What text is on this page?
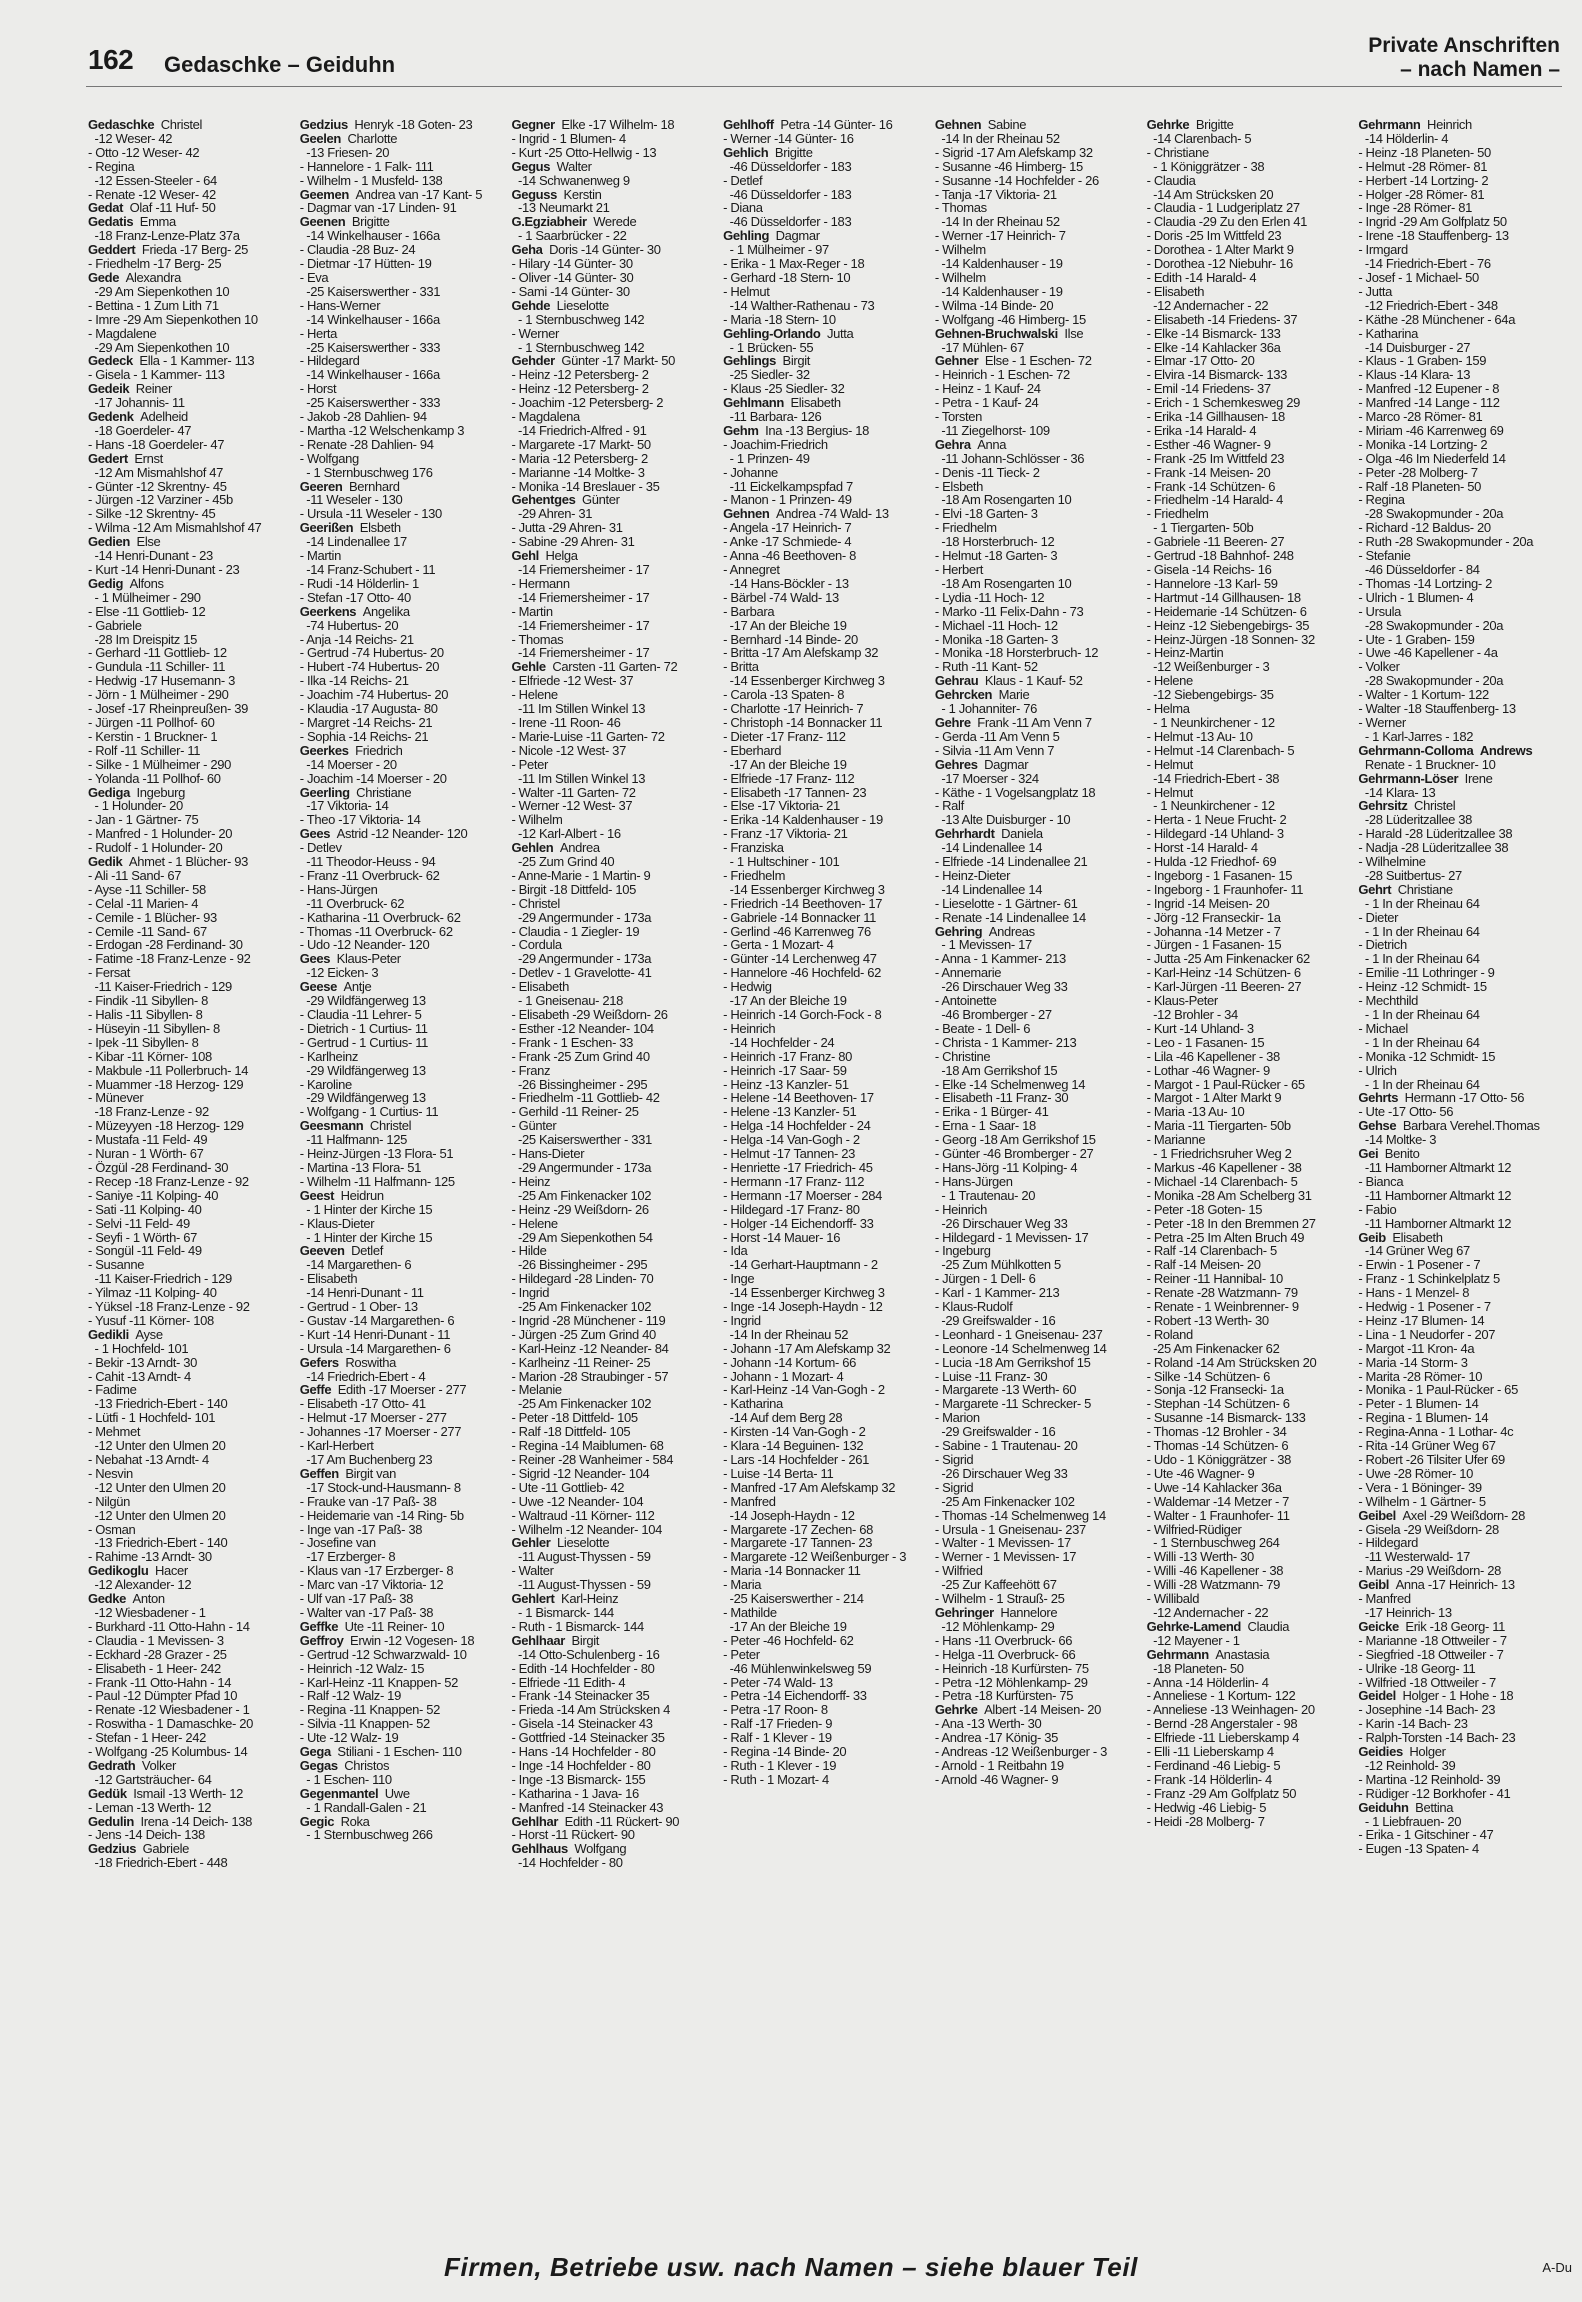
162 Gedaschke – Geiduhn
Private Anschriften
– nach Namen –
Gedaschke  Christel
-12 Weser- 42
- Otto -12 Weser- 42
- Regina
-12 Essen-Steeler - 64
- Renate -12 Weser- 42
Gedat  Olaf -11 Huf- 50
Gedatis  Emma
-18 Franz-Lenze-Platz 37a
Geddert  Frieda -17 Berg- 25
- Friedhelm -17 Berg- 25
Gede  Alexandra
-29 Am Siepenkothen 10
- Bettina - 1 Zum Lith 71
- Imre -29 Am Siepenkothen 10
- Magdalene
-29 Am Siepenkothen 10
Gedeck  Ella - 1 Kammer- 113
- Gisela - 1 Kammer- 113
Gedeik  Reiner
-17 Johannis- 11
Gedenk  Adelheid
-18 Goerdeler- 47
- Hans -18 Goerdeler- 47
Gedert  Ernst
-12 Am Mismahlshof 47
- Günter -12 Skrentny- 45
- Jürgen -12 Varziner - 45b
- Silke -12 Skrentny- 45
- Wilma -12 Am Mismahlshof 47
Gedien  Else
-14 Henri-Dunant - 23
- Kurt -14 Henri-Dunant - 23
Gedig  Alfons
- 1 Mülheimer - 290
- Else -11 Gottlieb- 12
- Gabriele
-28 Im Dreispitz 15
- Gerhard -11 Gottlieb- 12
- Gundula -11 Schiller- 11
- Hedwig -17 Husemann- 3
- Jörn - 1 Mülheimer - 290
- Josef -17 Rheinpreußen- 39
- Jürgen -11 Pollhof- 60
- Kerstin - 1 Bruckner- 1
- Rolf -11 Schiller- 11
- Silke - 1 Mülheimer - 290
- Yolanda -11 Pollhof- 60
Gediga  Ingeburg
- 1 Holunder- 20
- Jan - 1 Gärtner- 75
- Manfred - 1 Holunder- 20
- Rudolf - 1 Holunder- 20
Gedik  Ahmet - 1 Blücher- 93
- Ali -11 Sand- 67
- Ayse -11 Schiller- 58
- Celal -11 Marien- 4
- Cemile - 1 Blücher- 93
- Cemile -11 Sand- 67
- Erdogan -28 Ferdinand- 30
- Fatime -18 Franz-Lenze - 92
- Fersat
-11 Kaiser-Friedrich - 129
- Findik -11 Sibyllen- 8
- Halis -11 Sibyllen- 8
- Hüseyin -11 Sibyllen- 8
- Ipek -11 Sibyllen- 8
- Kibar -11 Körner- 108
- Makbule -11 Pollerbruch- 14
- Muammer -18 Herzog- 129
- Münever
-18 Franz-Lenze - 92
- Müzeyyen -18 Herzog- 129
- Mustafa -11 Feld- 49
- Nuran - 1 Wörth- 67
- Özgül -28 Ferdinand- 30
- Recep -18 Franz-Lenze - 92
- Saniye -11 Kolping- 40
- Sati -11 Kolping- 40
- Selvi -11 Feld- 49
- Seyfi - 1 Wörth- 67
- Songül -11 Feld- 49
- Susanne
-11 Kaiser-Friedrich - 129
- Yilmaz -11 Kolping- 40
- Yüksel -18 Franz-Lenze - 92
- Yusuf -11 Körner- 108
Gedikli  Ayse
- 1 Hochfeld- 101
- Bekir -13 Arndt- 30
- Cahit -13 Arndt- 4
- Fadime
-13 Friedrich-Ebert - 140
- Lütfi - 1 Hochfeld- 101
- Mehmet
-12 Unter den Ulmen 20
- Nebahat -13 Arndt- 4
- Nesvin
-12 Unter den Ulmen 20
- Nilgün
-12 Unter den Ulmen 20
- Osman
-13 Friedrich-Ebert - 140
- Rahime -13 Arndt- 30
Gedikoglu  Hacer
-12 Alexander- 12
Gedke  Anton
-12 Wiesbadener - 1
- Burkhard -11 Otto-Hahn - 14
- Claudia - 1 Mevissen- 3
- Eckhard -28 Grazer - 25
- Elisabeth - 1 Heer- 242
- Frank -11 Otto-Hahn - 14
- Paul -12 Dümpter Pfad 10
- Renate -12 Wiesbadener - 1
- Roswitha - 1 Damaschke- 20
- Stefan - 1 Heer- 242
- Wolfgang -25 Kolumbus- 14
Gedrath  Volker
-12 Gartsträucher- 64
Gedük  Ismail -13 Werth- 12
- Leman -13 Werth- 12
Gedulin  Irena -14 Deich- 138
- Jens -14 Deich- 138
Gedzius  Gabriele
-18 Friedrich-Ebert - 448
Gedzius  Henryk -18 Goten- 23
Geelen  Charlotte
-13 Friesen- 20
- Hannelore - 1 Falk- 111
- Wilhelm - 1 Musfeld- 138
Geemen  Andrea van -17 Kant- 5
- Dagmar van -17 Linden- 91
Geenen  Brigitte
-14 Winkelhauser - 166a
- Claudia -28 Buz- 24
- Dietmar -17 Hütten- 19
- Eva
-25 Kaiserswerther - 331
- Hans-Werner
-14 Winkelhauser - 166a
- Herta
-25 Kaiserswerther - 333
- Hildegard
-14 Winkelhauser - 166a
- Horst
-25 Kaiserswerther - 333
- Jakob -28 Dahlien- 94
- Martha -12 Welschenkamp 3
- Renate -28 Dahlien- 94
- Wolfgang
- 1 Sternbuschweg 176
Geeren  Bernhard
-11 Weseler - 130
- Ursula -11 Weseler - 130
Geerißen  Elsbeth
-14 Lindenallee 17
- Martin
-14 Franz-Schubert - 11
- Rudi -14 Hölderlin- 1
- Stefan -17 Otto- 40
Geerkens  Angelika
-74 Hubertus- 20
- Anja -14 Reichs- 21
- Gertrud -74 Hubertus- 20
- Hubert -74 Hubertus- 20
- Ilka -14 Reichs- 21
- Joachim -74 Hubertus- 20
- Klaudia -17 Augusta- 80
- Margret -14 Reichs- 21
- Sophia -14 Reichs- 21
Geerkes  Friedrich
-14 Moerser - 20
- Joachim -14 Moerser - 20
Geerling  Christiane
-17 Viktoria- 14
- Theo -17 Viktoria- 14
Gees  Astrid -12 Neander- 120
- Detlev
-11 Theodor-Heuss - 94
- Franz -11 Overbruck- 62
- Hans-Jürgen
-11 Overbruck- 62
- Katharina -11 Overbruck- 62
- Thomas -11 Overbruck- 62
- Udo -12 Neander- 120
Gees  Klaus-Peter
-12 Eicken- 3
Geese  Antje
-29 Wildfängerweg 13
- Claudia -11 Lehrer- 5
- Dietrich - 1 Curtius- 11
- Gertrud - 1 Curtius- 11
- Karlheinz
-29 Wildfängerweg 13
- Karoline
-29 Wildfängerweg 13
- Wolfgang - 1 Curtius- 11
Geesmann  Christel
-11 Halfmann- 125
- Heinz-Jürgen -13 Flora- 51
- Martina -13 Flora- 51
- Wilhelm -11 Halfmann- 125
Geest  Heidrun
- 1 Hinter der Kirche 15
- Klaus-Dieter
- 1 Hinter der Kirche 15
Geeven  Detlef
-14 Margarethen- 6
- Elisabeth
-14 Henri-Dunant - 11
- Gertrud - 1 Ober- 13
- Gustav -14 Margarethen- 6
- Kurt -14 Henri-Dunant - 11
- Ursula -14 Margarethen- 6
Gefers  Roswitha
-14 Friedrich-Ebert - 4
Geffe  Edith -17 Moerser - 277
- Elisabeth -17 Otto- 41
- Helmut -17 Moerser - 277
- Johannes -17 Moerser - 277
- Karl-Herbert
-17 Am Buchenberg 23
Geffen  Birgit van
-17 Stock-und-Hausmann- 8
- Frauke van -17 Paß- 38
- Heidemarie van -14 Ring- 5b
- Inge van -17 Paß- 38
- Josefine van
-17 Erzberger- 8
- Klaus van -17 Erzberger- 8
- Marc van -17 Viktoria- 12
- Ulf van -17 Paß- 38
- Walter van -17 Paß- 38
Geffke  Ute -11 Reiner- 10
Geffroy  Erwin -12 Vogesen- 18
- Gertrud -12 Schwarzwald- 10
- Heinrich -12 Walz- 15
- Karl-Heinz -11 Knappen- 52
- Ralf -12 Walz- 19
- Regina -11 Knappen- 52
- Silvia -11 Knappen- 52
- Ute -12 Walz- 19
Gega  Stiliani - 1 Eschen- 110
Gegas  Christos
- 1 Eschen- 110
Gegenmantel  Uwe
- 1 Randall-Galen - 21
Gegic  Roka
- 1 Sternbuschweg 266
Gegner  Elke -17 Wilhelm- 18
- Ingrid - 1 Blumen- 4
- Kurt -25 Otto-Hellwig - 13
Gegus  Walter
-14 Schwanenweg 9
Geguss  Kerstin
-13 Neumarkt 21
G.Egziabheir  Werede
- 1 Saarbrücker - 22
Geha  Doris -14 Günter- 30
- Hilary -14 Günter- 30
- Oliver -14 Günter- 30
- Sami -14 Günter- 30
Gehde  Lieselotte
- 1 Sternbuschweg 142
- Werner
- 1 Sternbuschweg 142
Gehder  Günter -17 Markt- 50
- Heinz -12 Petersberg- 2
- Heinz -12 Petersberg- 2
- Joachim -12 Petersberg- 2
- Magdalena
-14 Friedrich-Alfred - 91
- Margarete -17 Markt- 50
- Maria -12 Petersberg- 2
- Marianne -14 Moltke- 3
- Monika -14 Breslauer - 35
Gehentges  Günter
-29 Ahren- 31
- Jutta -29 Ahren- 31
- Sabine -29 Ahren- 31
Gehl  Helga
-14 Friemersheimer - 17
- Hermann
-14 Friemersheimer - 17
- Martin
-14 Friemersheimer - 17
- Thomas
-14 Friemersheimer - 17
Gehle  Carsten -11 Garten- 72
- Elfriede -12 West- 37
- Helene
-11 Im Stillen Winkel 13
- Irene -11 Roon- 46
- Marie-Luise -11 Garten- 72
- Nicole -12 West- 37
- Peter
-11 Im Stillen Winkel 13
- Walter -11 Garten- 72
- Werner -12 West- 37
- Wilhelm
-12 Karl-Albert - 16
Gehlen  Andrea
-25 Zum Grind 40
- Anne-Marie - 1 Martin- 9
- Birgit -18 Dittfeld- 105
- Christel
-29 Angermunder - 173a
- Claudia - 1 Ziegler- 19
- Cordula
-29 Angermunder - 173a
- Detlev - 1 Gravelotte- 41
- Elisabeth
- 1 Gneisenau- 218
- Elisabeth -29 Weißdorn- 26
- Esther -12 Neander- 104
- Frank - 1 Eschen- 33
- Frank -25 Zum Grind 40
- Franz
-26 Bissingheimer - 295
- Friedhelm -11 Gottlieb- 42
- Gerhild -11 Reiner- 25
- Günter
-25 Kaiserswerther - 331
- Hans-Dieter
-29 Angermunder - 173a
- Heinz
-25 Am Finkenacker 102
- Heinz -29 Weißdorn- 26
- Helene
-29 Am Siepenkothen 54
- Hilde
-26 Bissingheimer - 295
- Hildegard -28 Linden- 70
- Ingrid
-25 Am Finkenacker 102
- Ingrid -28 Münchener - 119
- Jürgen -25 Zum Grind 40
- Karl-Heinz -12 Neander- 84
- Karlheinz -11 Reiner- 25
- Marion -28 Straubinger - 57
- Melanie
-25 Am Finkenacker 102
- Peter -18 Dittfeld- 105
- Ralf -18 Dittfeld- 105
- Regina -14 Maiblumen- 68
- Reiner -28 Wanheimer - 584
- Sigrid -12 Neander- 104
- Ute -11 Gottlieb- 42
- Uwe -12 Neander- 104
- Waltraud -11 Körner- 112
- Wilhelm -12 Neander- 104
Gehler  Lieselotte
-11 August-Thyssen - 59
- Walter
-11 August-Thyssen - 59
Gehlert  Karl-Heinz
- 1 Bismarck- 144
- Ruth - 1 Bismarck- 144
Gehlhaar  Birgit
-14 Otto-Schulenberg - 16
- Edith -14 Hochfelder - 80
- Elfriede -11 Edith- 4
- Frank -14 Steinacker 35
- Frieda -14 Am Strücksken 4
- Gisela -14 Steinacker 43
- Gottfried -14 Steinacker 35
- Hans -14 Hochfelder - 80
- Inge -14 Hochfelder - 80
- Inge -13 Bismarck- 155
- Katharina - 1 Java- 16
- Manfred -14 Steinacker 43
Gehlhar  Edith -11 Rückert- 90
- Horst -11 Rückert- 90
Gehlhaus  Wolfgang
-14 Hochfelder - 80
Gehlhoff  Petra -14 Günter- 16
- Werner -14 Günter- 16
Gehlich  Brigitte
-46 Düsseldorfer - 183
- Detlef
-46 Düsseldorfer - 183
- Diana
-46 Düsseldorfer - 183
Gehling  Dagmar
- 1 Mülheimer - 97
- Erika - 1 Max-Reger - 18
- Gerhard -18 Stern- 10
- Helmut
-14 Walther-Rathenau - 73
- Maria -18 Stern- 10
Gehling-Orlando  Jutta
- 1 Brücken- 55
Gehlings  Birgit
-25 Siedler- 32
- Klaus -25 Siedler- 32
Gehlmann  Elisabeth
-11 Barbara- 126
Gehm  Ina -13 Bergius- 18
- Joachim-Friedrich
- 1 Prinzen- 49
- Johanne
-11 Eickelkampspfad 7
- Manon - 1 Prinzen- 49
Gehnen  Andrea -74 Wald- 13
- Angela -17 Heinrich- 7
- Anke -17 Schmiede- 4
- Anna -46 Beethoven- 8
- Annegret
-14 Hans-Böckler - 13
- Bärbel -74 Wald- 13
- Barbara
-17 An der Bleiche 19
- Bernhard -14 Binde- 20
- Britta -17 Am Alefskamp 32
- Britta
-14 Essenberger Kirchweg 3
- Carola -13 Spaten- 8
- Charlotte -17 Heinrich- 7
- Christoph -14 Bonnacker 11
- Dieter -17 Franz- 112
- Eberhard
-17 An der Bleiche 19
- Elfriede -17 Franz- 112
- Elisabeth -17 Tannen- 23
- Else -17 Viktoria- 21
- Erika -14 Kaldenhauser - 19
- Franz -17 Viktoria- 21
- Franziska
- 1 Hultschiner - 101
- Friedhelm
-14 Essenberger Kirchweg 3
- Friedrich -14 Beethoven- 17
- Gabriele -14 Bonnacker 11
- Gerlind -46 Karrenweg 76
- Gerta - 1 Mozart- 4
- Günter -14 Lerchenweg 47
- Hannelore -46 Hochfeld- 62
- Hedwig
-17 An der Bleiche 19
- Heinrich -14 Gorch-Fock - 8
- Heinrich
-14 Hochfelder - 24
- Heinrich -17 Franz- 80
- Heinrich -17 Saar- 59
- Heinz -13 Kanzler- 51
- Helene -14 Beethoven- 17
- Helene -13 Kanzler- 51
- Helga -14 Hochfelder - 24
- Helga -14 Van-Gogh - 2
- Helmut -17 Tannen- 23
- Henriette -17 Friedrich- 45
- Hermann -17 Franz- 112
- Hermann -17 Moerser - 284
- Hildegard -17 Franz- 80
- Holger -14 Eichendorff- 33
- Horst -14 Mauer- 16
- Ida
-14 Gerhart-Hauptmann - 2
- Inge
-14 Essenberger Kirchweg 3
- Inge -14 Joseph-Haydn - 12
- Ingrid
-14 In der Rheinau 52
- Johann -17 Am Alefskamp 32
- Johann -14 Kortum- 66
- Johann - 1 Mozart- 4
- Karl-Heinz -14 Van-Gogh - 2
- Katharina
-14 Auf dem Berg 28
- Kirsten -14 Van-Gogh - 2
- Klara -14 Beguinen- 132
- Lars -14 Hochfelder - 261
- Luise -14 Berta- 11
- Manfred -17 Am Alefskamp 32
- Manfred
-14 Joseph-Haydn - 12
- Margarete -17 Zechen- 68
- Margarete -17 Tannen- 23
- Margarete -12 Weißenburger - 3
- Maria -14 Bonnacker 11
- Maria
-25 Kaiserswerther - 214
- Mathilde
-17 An der Bleiche 19
- Peter -46 Hochfeld- 62
- Peter
-46 Mühlenwinkelsweg 59
- Peter -74 Wald- 13
- Petra -14 Eichendorff- 33
- Petra -17 Roon- 8
- Ralf -17 Frieden- 9
- Ralf - 1 Klever - 19
- Regina -14 Binde- 20
- Ruth - 1 Klever - 19
- Ruth - 1 Mozart- 4
Gehnen  Sabine
-14 In der Rheinau 52
- Sigrid -17 Am Alefskamp 32
- Susanne -46 Himberg- 15
- Susanne -14 Hochfelder - 26
- Tanja -17 Viktoria- 21
- Thomas
-14 In der Rheinau 52
- Werner -17 Heinrich- 7
- Wilhelm
-14 Kaldenhauser - 19
- Wilhelm
-14 Kaldenhauser - 19
- Wilma -14 Binde- 20
- Wolfgang -46 Himberg- 15
Gehnen-Bruchwalski  Ilse
-17 Mühlen- 67
Gehner  Else - 1 Eschen- 72
- Heinrich - 1 Eschen- 72
- Heinz - 1 Kauf- 24
- Petra - 1 Kauf- 24
- Torsten
-11 Ziegelhorst- 109
Gehra  Anna
-11 Johann-Schlösser - 36
- Denis -11 Tieck- 2
- Elsbeth
-18 Am Rosengarten 10
- Elvi -18 Garten- 3
- Friedhelm
-18 Horsterbruch- 12
- Helmut -18 Garten- 3
- Herbert
-18 Am Rosengarten 10
- Lydia -11 Hoch- 12
- Marko -11 Felix-Dahn - 73
- Michael -11 Hoch- 12
- Monika -18 Garten- 3
- Monika -18 Horsterbruch- 12
- Ruth -11 Kant- 52
Gehrau  Klaus - 1 Kauf- 52
Gehrcken  Marie
- 1 Johanniter- 76
Gehre  Frank -11 Am Venn 7
- Gerda -11 Am Venn 5
- Silvia -11 Am Venn 7
Gehres  Dagmar
-17 Moerser - 324
- Käthe - 1 Vogelsangplatz 18
- Ralf
-13 Alte Duisburger - 10
Gehrhardt  Daniela
-14 Lindenallee 14
- Elfriede -14 Lindenallee 21
- Heinz-Dieter
-14 Lindenallee 14
- Lieselotte - 1 Gärtner- 61
- Renate -14 Lindenallee 14
Gehring  Andreas
- 1 Mevissen- 17
- Anna - 1 Kammer- 213
- Annemarie
-26 Dirschauer Weg 33
- Antoinette
-46 Bromberger - 27
- Beate - 1 Dell- 6
- Christa - 1 Kammer- 213
- Christine
-18 Am Gerrikshof 15
- Elke -14 Schelmenweg 14
- Elisabeth -11 Franz- 30
- Erika - 1 Bürger- 41
- Erna - 1 Saar- 18
- Georg -18 Am Gerrikshof 15
- Günter -46 Bromberger - 27
- Hans-Jörg -11 Kolping- 4
- Hans-Jürgen
- 1 Trautenau- 20
- Heinrich
-26 Dirschauer Weg 33
- Hildegard - 1 Mevissen- 17
- Ingeburg
-25 Zum Mühlkotten 5
- Jürgen - 1 Dell- 6
- Karl - 1 Kammer- 213
- Klaus-Rudolf
-29 Greifswalder - 16
- Leonhard - 1 Gneisenau- 237
- Leonore -14 Schelmenweg 14
- Lucia -18 Am Gerrikshof 15
- Luise -11 Franz- 30
- Margarete -13 Werth- 60
- Margarete -11 Schrecker- 5
- Marion
-29 Greifswalder - 16
- Sabine - 1 Trautenau- 20
- Sigrid
-26 Dirschauer Weg 33
- Sigrid
-25 Am Finkenacker 102
- Thomas -14 Schelmenweg 14
- Ursula - 1 Gneisenau- 237
- Walter - 1 Mevissen- 17
- Werner - 1 Mevissen- 17
- Wilfried
-25 Zur Kaffeehött 67
- Wilhelm - 1 Strauß- 25
Gehringer  Hannelore
-12 Möhlenkamp- 29
- Hans -11 Overbruck- 66
- Helga -11 Overbruck- 66
- Heinrich -18 Kurfürsten- 75
- Petra -12 Möhlenkamp- 29
- Petra -18 Kurfürsten- 75
Gehrke  Albert -14 Meisen- 20
- Ana -13 Werth- 30
- Andrea -17 König- 35
- Andreas -12 Weißenburger - 3
- Arnold - 1 Reitbahn 19
- Arnold -46 Wagner- 9
Gehrke  Brigitte
-14 Clarenbach- 5
- Christiane
- 1 Königgrätzer - 38
- Claudia
-14 Am Strücksken 20
- Claudia - 1 Ludgeriplatz 27
- Claudia -29 Zu den Erlen 41
- Doris -25 Im Wittfeld 23
- Dorothea - 1 Alter Markt 9
- Dorothea -12 Niebuhr- 16
- Edith -14 Harald- 4
- Elisabeth
-12 Andernacher - 22
- Elisabeth -14 Friedens- 37
- Elke -14 Bismarck- 133
- Elke -14 Kahlacker 36a
- Elmar -17 Otto- 20
- Elvira -14 Bismarck- 133
- Emil -14 Friedens- 37
- Erich - 1 Schemkesweg 29
- Erika -14 Gillhausen- 18
- Erika -14 Harald- 4
- Esther -46 Wagner- 9
- Frank -25 Im Wittfeld 23
- Frank -14 Meisen- 20
- Frank -14 Schützen- 6
- Friedhelm -14 Harald- 4
- Friedhelm
- 1 Tiergarten- 50b
- Gabriele -11 Beeren- 27
- Gertrud -18 Bahnhof- 248
- Gisela -14 Reichs- 16
- Hannelore -13 Karl- 59
- Hartmut -14 Gillhausen- 18
- Heidemarie -14 Schützen- 6
- Heinz -12 Siebengebirgs- 35
- Heinz-Jürgen -18 Sonnen- 32
- Heinz-Martin
-12 Weißenburger - 3
- Helene
-12 Siebengebirgs- 35
- Helma
- 1 Neunkirchener - 12
- Helmut -13 Au- 10
- Helmut -14 Clarenbach- 5
- Helmut
-14 Friedrich-Ebert - 38
- Helmut
- 1 Neunkirchener - 12
- Herta - 1 Neue Frucht- 2
- Hildegard -14 Uhland- 3
- Horst -14 Harald- 4
- Hulda -12 Friedhof- 69
- Ingeborg - 1 Fasanen- 15
- Ingeborg - 1 Fraunhofer- 11
- Ingrid -14 Meisen- 20
- Jörg -12 Franseckiг- 1a
- Johanna -14 Metzer - 7
- Jürgen - 1 Fasanen- 15
- Jutta -25 Am Finkenacker 62
- Karl-Heinz -14 Schützen- 6
- Karl-Jürgen -11 Beeren- 27
- Klaus-Peter
-12 Brohler - 34
- Kurt -14 Uhland- 3
- Leo - 1 Fasanen- 15
- Lila -46 Kapellener - 38
- Lothar -46 Wagner- 9
- Margot - 1 Paul-Rücker - 65
- Margot - 1 Alter Markt 9
- Maria -13 Au- 10
- Maria -11 Tiergarten- 50b
- Marianne
- 1 Friedrichsruher Weg 2
- Markus -46 Kapellener - 38
- Michael -14 Clarenbach- 5
- Monika -28 Am Schelberg 31
- Peter -18 Goten- 15
- Peter -18 In den Bremmen 27
- Petra -25 Im Alten Bruch 49
- Ralf -14 Clarenbach- 5
- Ralf -14 Meisen- 20
- Reiner -11 Hannibal- 10
- Renate -28 Watzmann- 79
- Renate - 1 Weinbrenner- 9
- Robert -13 Werth- 30
- Roland
-25 Am Finkenacker 62
- Roland -14 Am Strücksken 20
- Silke -14 Schützen- 6
- Sonja -12 Fransecki- 1a
- Stephan -14 Schützen- 6
- Susanne -14 Bismarck- 133
- Thomas -12 Brohler - 34
- Thomas -14 Schützen- 6
- Udo - 1 Königgrätzer - 38
- Ute -46 Wagner- 9
- Uwe -14 Kahlacker 36a
- Waldemar -14 Metzer - 7
- Walter - 1 Fraunhofer- 11
- Wilfried-Rüdiger
- 1 Sternbuschweg 264
- Willi -13 Werth- 30
- Willi -46 Kapellener - 38
- Willi -28 Watzmann- 79
- Willibald
-12 Andernacher - 22
Gehrke-Lamend  Claudia
-12 Mayener - 1
Gehrmann  Anastasia
-18 Planeten- 50
- Anna -14 Hölderlin- 4
- Anneliese - 1 Kortum- 122
- Anneliese -13 Weinhagen- 20
- Bernd -28 Angerstaler - 98
- Elfriede -11 Lieberskamp 4
- Elli -11 Lieberskamp 4
- Ferdinand -46 Liebig- 5
- Frank -14 Hölderlin- 4
- Franz -29 Am Golfplatz 50
- Hedwig -46 Liebig- 5
- Heidi -28 Molberg- 7
Gehrmann  Heinrich
-14 Hölderlin- 4
- Heinz -18 Planeten- 50
- Helmut -28 Römer- 81
- Herbert -14 Lortzing- 2
- Holger -28 Römer- 81
- Inge -28 Römer- 81
- Ingrid -29 Am Golfplatz 50
- Irene -18 Stauffenberg- 13
- Irmgard
-14 Friedrich-Ebert - 76
- Josef - 1 Michael- 50
- Jutta
-12 Friedrich-Ebert - 348
- Käthe -28 Münchener - 64a
- Katharina
-14 Duisburger - 27
- Klaus - 1 Graben- 159
- Klaus -14 Klara- 13
- Manfred -12 Eupener - 8
- Manfred -14 Lange - 112
- Marco -28 Römer- 81
- Miriam -46 Karrenweg 69
- Monika -14 Lortzing- 2
- Olga -46 Im Niederfeld 14
- Peter -28 Molberg- 7
- Ralf -18 Planeten- 50
- Regina
-28 Swakopmunder - 20a
- Richard -12 Baldus- 20
- Ruth -28 Swakopmunder - 20a
- Stefanie
-46 Düsseldorfer - 84
- Thomas -14 Lortzing- 2
- Ulrich - 1 Blumen- 4
- Ursula
-28 Swakopmunder - 20a
- Ute - 1 Graben- 159
- Uwe -46 Kapellener - 4a
- Volker
-28 Swakopmunder - 20a
- Walter - 1 Kortum- 122
- Walter -18 Stauffenberg- 13
- Werner
- 1 Karl-Jarres - 182
Gehrmann-Colloma Andrews
Renate - 1 Bruckner- 10
Gehrmann-Löser  Irene
-14 Klara- 13
Gehrsitz  Christel
-28 Lüderitzallee 38
- Harald -28 Lüderitzallee 38
- Nadja -28 Lüderitzallee 38
- Wilhelmine
-28 Suitbertus- 27
Gehrt  Christiane
- 1 In der Rheinau 64
- Dieter
- 1 In der Rheinau 64
- Dietrich
- 1 In der Rheinau 64
- Emilie -11 Lothringer - 9
- Heinz -12 Schmidt- 15
- Mechthild
- 1 In der Rheinau 64
- Michael
- 1 In der Rheinau 64
- Monika -12 Schmidt- 15
- Ulrich
- 1 In der Rheinau 64
Gehrts  Hermann -17 Otto- 56
- Ute -17 Otto- 56
Gehse  Barbara Verehel.Thomas
-14 Moltke- 3
Gei  Benito
-11 Hamborner Altmarkt 12
- Bianca
-11 Hamborner Altmarkt 12
- Fabio
-11 Hamborner Altmarkt 12
Geib  Elisabeth
-14 Grüner Weg 67
- Erwin - 1 Posener - 7
- Franz - 1 Schinkelplatz 5
- Hans - 1 Menzel- 8
- Hedwig - 1 Posener - 7
- Heinz -17 Blumen- 14
- Lina - 1 Neudorfer - 207
- Margot -11 Kron- 4a
- Maria -14 Storm- 3
- Marita -28 Römer- 10
- Monika - 1 Paul-Rücker - 65
- Peter - 1 Blumen- 14
- Regina - 1 Blumen- 14
- Regina-Anna - 1 Lothar- 4c
- Rita -14 Grüner Weg 67
- Robert -26 Tilsiter Ufer 69
- Uwe -28 Römer- 10
- Vera - 1 Böninger- 39
- Wilhelm - 1 Gärtner- 5
Geibel  Axel -29 Weißdorn- 28
- Gisela -29 Weißdorn- 28
- Hildegard
-11 Westerwald- 17
- Marius -29 Weißdorn- 28
Geibl  Anna -17 Heinrich- 13
- Manfred
-17 Heinrich- 13
Geicke  Erik -18 Georg- 11
- Marianne -18 Ottweiler - 7
- Siegfried -18 Ottweiler - 7
- Ulrike -18 Georg- 11
- Wilfried -18 Ottweiler - 7
Geidel  Holger - 1 Hohe - 18
- Josephine -14 Bach- 23
- Karin -14 Bach- 23
- Ralph-Torsten -14 Bach- 23
Geidies  Holger
-12 Reinhold- 39
- Martina -12 Reinhold- 39
- Rüdiger -12 Borkhofer - 41
Geiduhn  Bettina
- 1 Liebfrauen- 20
- Erika - 1 Gitschiner - 47
- Eugen -13 Spaten- 4
Firmen, Betriebe usw. nach Namen – siehe blauer Teil	A-Du
